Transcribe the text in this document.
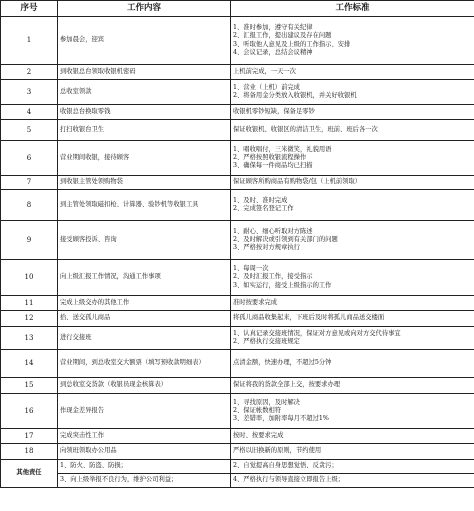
序号	工作内容	工作标准
1	参加晨会，迎宾	1、准时参加，遵守有关纪律
2、汇报工作，提出建议及存在问题
3、听取他人意见及上级的工作指示、安排
4、会议记录，总结会议精神

2	到收银总台领取收银机密码	上机前完成，一天一次

3	总收室领款	1、营业（上机）前完成
2、将备用金分类放入收银机，并关好收银机

4	收银总台换取零钱	收银机零钞短缺，保备足零钞

5	打扫收银台卫生	保证收银机、收银区的清洁卫生，班前、班后各一次

6	营业期间收银，接待顾客	1、唱收唱付，三米微笑，礼貌用语
2、严格按照收银流程操作
3、确保每一件商品均已扫描

7	到收银主管处领购物袋	保证顾客所购商品有购物袋/包（上机前领取）

8	到主管处领取磁扣枪、计算器、验钞机等收银工具	1、及时、准时完成
2、完成签名登记工作

9	接受顾客投诉、咨询	1、耐心、细心听取对方陈述
2、及时解决或引领到有关部门的问题
3、严格按对方规章执行

10	向上级汇报工作情况，沟通工作事项	1、每周一次
2、及时汇报工作，接受指示
3、如实运行，接受上级指示的工作

11	完成上级交办的其他工作	准时按要求完成

12	拾、送交孤儿商品	将孤儿商品收集起来，下班后及时将孤儿商品送交楼面

13	进行交接班	1、认真记录交接班情况，保证对方意见或向对方交代待事宜
2、严格执行交接班规定

14	营业期间，到总收室交大额票（填写预收款明细表）	点清金额，快速办理，不超过5分钟

15	到总收室交货款（收银员现金核算表）	保证将我的货款全部上交，按要求办理

16	作现金差异报告	1、寻找原因，及时解决
2、保证帐数相符
3、差错率，加附率每月不超过1%

17	完成突击性工作	按时、按要求完成

18	向领班领取办公用品	严格以旧换新的原则，节约使用

其他责任	1、防火、防盗、防损；	2、自觉提高自身思想觉悟、反贪污；
	3、向上级举报不良行为，维护公司利益；	4、严格执行与领导直接立即报告上级；
